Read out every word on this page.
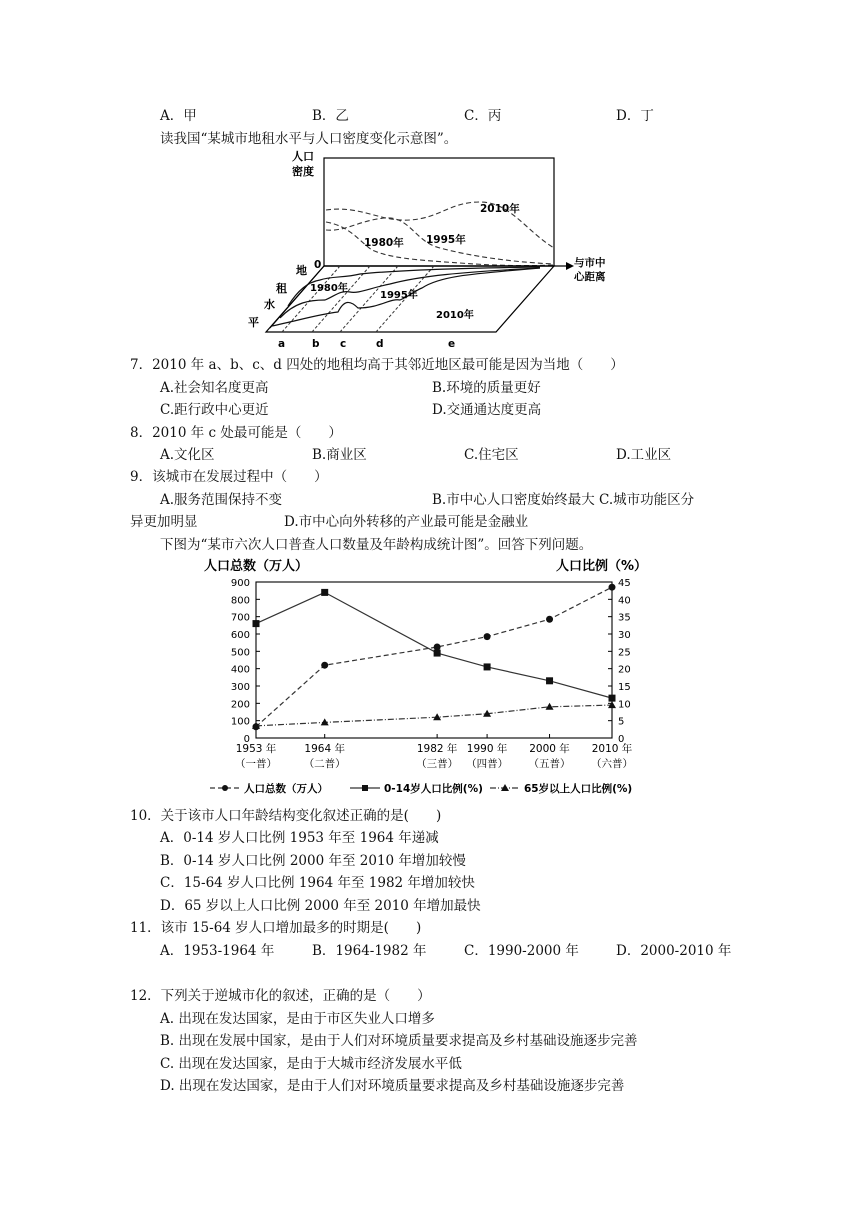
A．甲	B．乙	C．丙	D．丁
读我国“某城市地租水平与人口密度变化示意图”。
人口
密度
2010年
1980年 1995年
0	与市中
心距离
地
租
水
平
1980年
1995年
2010年
a	b c	d	e
7．2010 年 a、b、c、d 四处的地租均高于其邻近地区最可能是因为当地（　　）
A.社会知名度更高	B.环境的质量更好
C.距行政中心更近	D.交通通达度更高
8．2010 年 c 处最可能是（　　）
A.文化区	B.商业区	C.住宅区	D.工业区
9．该城市在发展过程中（　　）
A.服务范围保持不变	B.市中心人口密度始终最大 C.城市功能区分
异更加明显	D.市中心向外转移的产业最可能是金融业
下图为“某市六次人口普查人口数量及年龄构成统计图”。回答下列问题。
人口总数（万人）	人口比例（%）
0
100
200
300
400
500
600
700
800
900
0
5
10
15
20
25
30
35
40
45
1953 年
（一普）
1964 年
（二普）
1982 年
（三普）
1990 年
（四普）
2000 年
（五普）
2010 年
（六普）
人口总数（万人）	0-14岁人口比例(%)	65岁以上人口比例(%)
10．关于该市人口年龄结构变化叙述正确的是(　　)
A．0-14 岁人口比例 1953 年至 1964 年递减
B．0-14 岁人口比例 2000 年至 2010 年增加较慢
C．15-64 岁人口比例 1964 年至 1982 年增加较快
D．65 岁以上人口比例 2000 年至 2010 年增加最快
11．该市 15-64 岁人口增加最多的时期是(　　)
A．1953-1964 年	B．1964-1982 年	C．1990-2000 年	D．2000-2010 年
12．下列关于逆城市化的叙述，正确的是（　　）
A. 出现在发达国家，是由于市区失业人口增多
B. 出现在发展中国家，是由于人们对环境质量要求提高及乡村基础设施逐步完善
C. 出现在发达国家，是由于大城市经济发展水平低
D. 出现在发达国家，是由于人们对环境质量要求提高及乡村基础设施逐步完善
